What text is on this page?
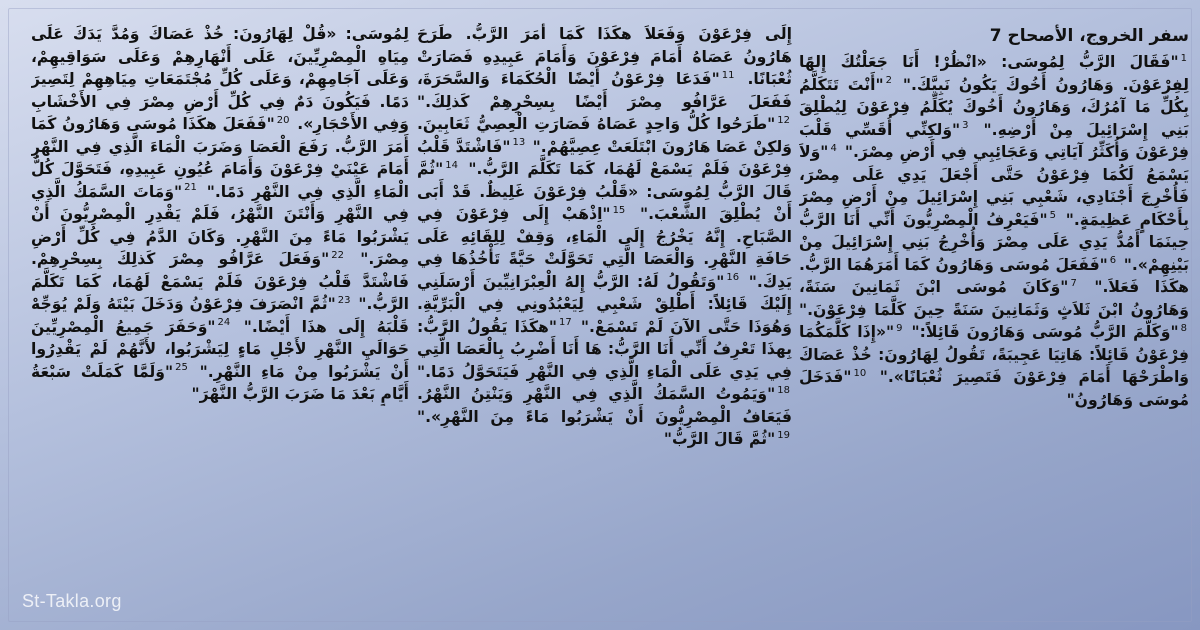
سفر الخروج، الأصحاح 7
$^1$"فَقَالَ الرَّبُّ لِمُوسَى: «انْظُرْ! أَنَا جَعَلْتُكَ إِلهًا لِفِرْعَوْنَ. وَهَارُونُ أَخُوكَ يَكُونُ نَبِيَّكَ." $^2$"أَنْتَ تَتَكَلَّمُ بِكُلِّ مَا آمُرُكَ، وَهَارُونُ أَخُوكَ يُكَلِّمُ فِرْعَوْنَ لِيُطْلِقَ بَنِي إِسْرَائِيلَ مِنْ أَرْضِهِ." $^3$"وَلكِنِّي أُقَسِّي قَلْبَ فِرْعَوْنَ وَأُكَثِّرُ آيَاتِي وَعَجَائِبِي فِي أَرْضِ مِصْرَ." $^4$"وَلاَ يَسْمَعُ لَكُمَا فِرْعَوْنُ حَتَّى أَجْعَلَ يَدِي عَلَى مِصْرَ، فَأُخْرِجَ أَجْنَادِي، شَعْبِي بَنِي إِسْرَائِيلَ مِنْ أَرْضِ مِصْرَ بِأَحْكَامٍ عَظِيمَةٍ." $^5$"فَيَعْرِفُ الْمِصْرِيُّونَ أَنِّي أَنَا الرَّبُّ حِينَمَا أَمُدُّ يَدِي عَلَى مِصْرَ وَأُخْرِجُ بَنِي إِسْرَائِيلَ مِنْ بَيْنِهِمْ»." $^6$"فَفَعَلَ مُوسَى وَهَارُونُ كَمَا أَمَرَهُمَا الرَّبُّ. هكَذَا فَعَلاَ." $^7$"وَكَانَ مُوسَى ابْنَ ثَمَانِينَ سَنَةً، وَهَارُونُ ابْنَ ثَلاَثٍ وَثَمَانِينَ سَنَةً حِينَ كَلَّمَا فِرْعَوْنَ." $^8$"وَكَلَّمَ الرَّبُّ مُوسَى وَهَارُونَ قَائِلاً:" $^9$"«إِذَا كَلَّمَكُمَا فِرْعَوْنُ قَائِلاً: هَاتِيَا عَجِيبَةً، تَقُولُ لِهَارُونَ: خُذْ عَصَاكَ وَاطْرَحْهَا أَمَامَ فِرْعَوْنَ فَتَصِيرَ ثُعْبَانًا»." $^{10}$"فَدَخَلَ مُوسَى وَهَارُونُ"
إِلَى فِرْعَوْنَ وَفَعَلاَ هكَذَا كَمَا أَمَرَ الرَّبُّ. طَرَحَ هَارُونُ عَصَاهُ أَمَامَ فِرْعَوْنَ وَأَمَامَ عَبِيدِهِ فَصَارَتْ ثُعْبَانًا. $^{11}$"فَدَعَا فِرْعَوْنُ أَيْضًا الْحُكَمَاءَ وَالسَّحَرَةَ، فَفَعَلَ عَرَّافُو مِصْرَ أَيْضًا بِسِحْرِهِمْ كَذلِكَ." $^{12}$"طَرَحُوا كُلُّ وَاحِدٍ عَصَاهُ فَصَارَتِ الْعِصِيُّ ثَعَابِينَ. وَلكِنْ عَصَا هَارُونَ ابْتَلَعَتْ عِصِيَّهُمْ." $^{13}$"فَاشْتَدَّ قَلْبُ فِرْعَوْنَ فَلَمْ يَسْمَعْ لَهُمَا، كَمَا تَكَلَّمَ الرَّبُّ." $^{14}$"ثُمَّ قَالَ الرَّبُّ لِمُوسَى: «قَلْبُ فِرْعَوْنَ غَلِيظٌ. قَدْ أَبَى أَنْ يُطْلِقَ الشَّعْبَ." $^{15}$"اِذْهَبْ إِلَى فِرْعَوْنَ فِي الصَّبَاحِ. إِنَّهُ يَخْرُجُ إِلَى الْمَاءِ، وَقِفْ لِلِقَائِهِ عَلَى حَافَةِ النَّهْرِ. وَالْعَصَا الَّتِي تَحَوَّلَتْ حَيَّةً تَأْخُذُهَا فِي يَدِكَ." $^{16}$"وَتَقُولُ لَهُ: الرَّبُّ إِلهُ الْعِبْرَانِيِّينَ أَرْسَلَنِي إِلَيْكَ قَائِلاً: أَطْلِقْ شَعْبِي لِيَعْبُدُونِي فِي الْبَرِّيَّةِ. وَهُوَذَا حَتَّى الآنَ لَمْ تَسْمَعْ." $^{17}$"هكَذَا يَقُولُ الرَّبُّ: بِهذَا تَعْرِفُ أَنِّي أَنَا الرَّبُّ: هَا أَنَا أَضْرِبُ بِالْعَصَا الَّتِي فِي يَدِي عَلَى الْمَاءِ الَّذِي فِي النَّهْرِ فَيَتَحَوَّلُ دَمًا." $^{18}$"وَيَمُوتُ السَّمَكُ الَّذِي فِي النَّهْرِ وَيَنْتِنُ النَّهْرُ. فَيَعَافُ الْمِصْرِيُّونَ أَنْ يَشْرَبُوا مَاءً مِنَ النَّهْرِ»." $^{19}$"ثُمَّ قَالَ الرَّبُّ"
لِمُوسَى: «قُلْ لِهَارُونَ: خُذْ عَصَاكَ وَمُدَّ يَدَكَ عَلَى مِيَاهِ الْمِصْرِيِّينَ، عَلَى أَنْهَارِهِمْ وَعَلَى سَوَاقِيهِمْ، وَعَلَى آجَامِهِمْ، وَعَلَى كُلِّ مُجْتَمَعَاتِ مِيَاهِهِمْ لِتَصِيرَ دَمًا. فَيَكُونَ دَمٌ فِي كُلِّ أَرْضِ مِصْرَ فِي الأَخْشَابِ وَفِي الأَحْجَارِ». $^{20}$"فَفَعَلَ هكَذَا مُوسَى وَهَارُونُ كَمَا أَمَرَ الرَّبُّ. رَفَعَ الْعَصَا وَضَرَبَ الْمَاءَ الَّذِي فِي النَّهْرِ أَمَامَ عَيْنَيْ فِرْعَوْنَ وَأَمَامَ عُيُونِ عَبِيدِهِ، فَتَحَوَّلَ كُلُّ الْمَاءِ الَّذِي فِي النَّهْرِ دَمًا." $^{21}$"وَمَاتَ السَّمَكُ الَّذِي فِي النَّهْرِ وَأَنْتَنَ النَّهْرُ، فَلَمْ يَقْدِرِ الْمِصْرِيُّونَ أَنْ يَشْرَبُوا مَاءً مِنَ النَّهْرِ. وَكَانَ الدَّمُ فِي كُلِّ أَرْضِ مِصْرَ." $^{22}$"وَفَعَلَ عَرَّافُو مِصْرَ كَذلِكَ بِسِحْرِهِمْ. فَاشْتَدَّ قَلْبُ فِرْعَوْنَ فَلَمْ يَسْمَعْ لَهُمَا، كَمَا تَكَلَّمَ الرَّبُّ." $^{23}$"ثُمَّ انْصَرَفَ فِرْعَوْنُ وَدَخَلَ بَيْتَهُ وَلَمْ يُوَجِّهْ قَلْبَهُ إِلَى هذَا أَيْضًا." $^{24}$"وَحَفَرَ جَمِيعُ الْمِصْرِيِّينَ حَوَالَيِ النَّهْرِ لأَجْلِ مَاءٍ لِيَشْرَبُوا، لأَنَّهُمْ لَمْ يَقْدِرُوا أَنْ يَشْرَبُوا مِنْ مَاءِ النَّهْرِ." $^{25}$"وَلَمَّا كَمَلَتْ سَبْعَةُ أَيَّامٍ بَعْدَ مَا ضَرَبَ الرَّبُّ النَّهْرَ"
St-Takla.org
